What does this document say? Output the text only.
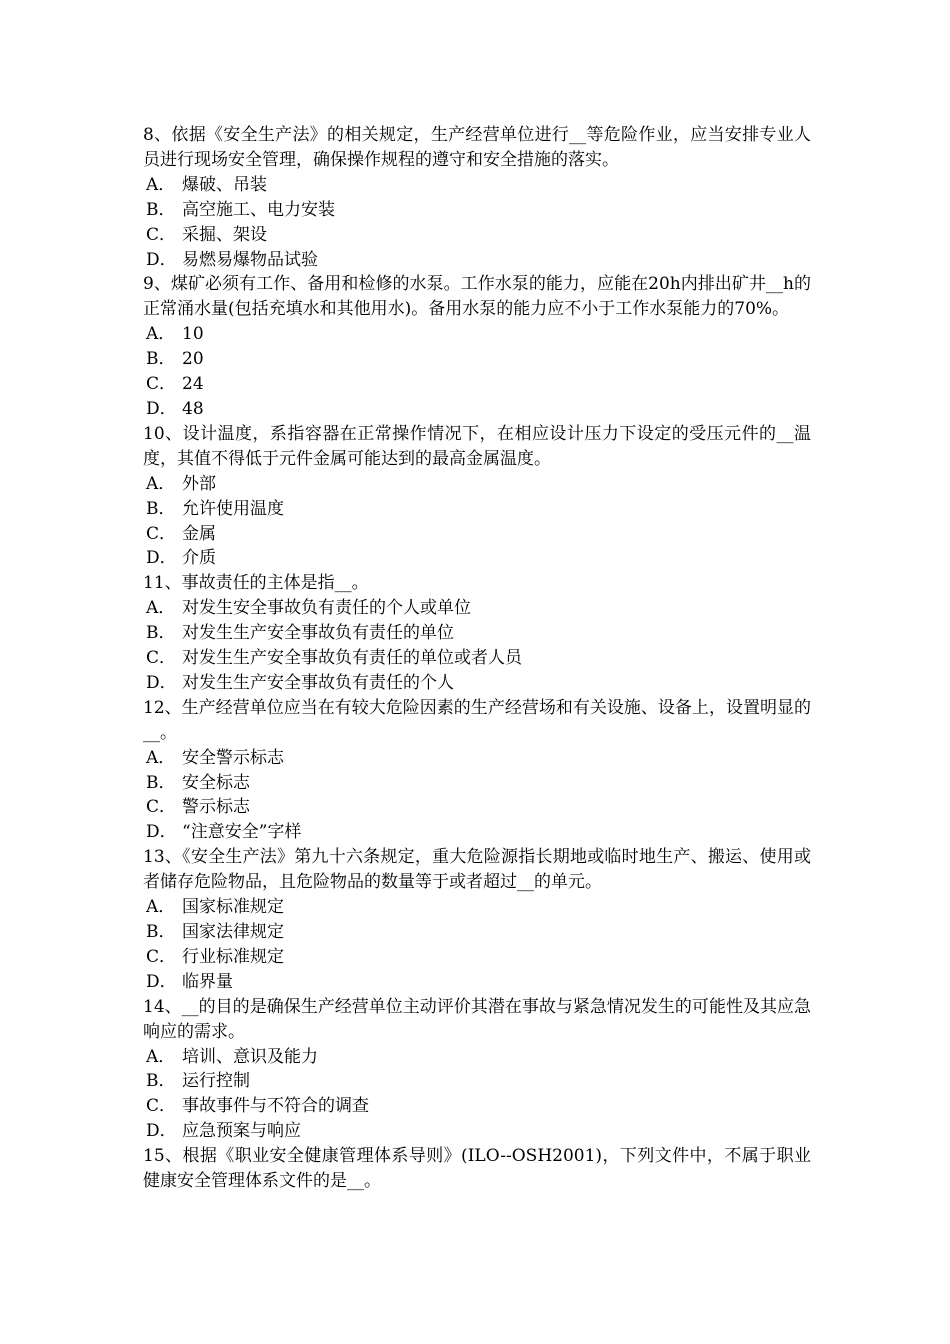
8、依据《安全生产法》的相关规定，生产经营单位进行__等危险作业，应当安排专业人员进行现场安全管理，确保操作规程的遵守和安全措施的落实。

A． 爆破、吊装
B． 高空施工、电力安装
C． 采掘、架设
D． 易燃易爆物品试验

9、煤矿必须有工作、备用和检修的水泵。工作水泵的能力，应能在20h内排出矿井__h的正常涌水量(包括充填水和其他用水)。备用水泵的能力应不小于工作水泵能力的70%。

A． 10
B． 20
C． 24
D． 48

10、设计温度，系指容器在正常操作情况下，在相应设计压力下设定的受压元件的__温度，其值不得低于元件金属可能达到的最高金属温度。

A． 外部
B． 允许使用温度
C． 金属
D． 介质

11、事故责任的主体是指__。

A． 对发生安全事故负有责任的个人或单位
B． 对发生生产安全事故负有责任的单位
C． 对发生生产安全事故负有责任的单位或者人员
D． 对发生生产安全事故负有责任的个人

12、生产经营单位应当在有较大危险因素的生产经营场和有关设施、设备上，设置明显的__。

A． 安全警示标志
B． 安全标志
C． 警示标志
D． “注意安全”字样

13、《安全生产法》第九十六条规定，重大危险源指长期地或临时地生产、搬运、使用或者储存危险物品，且危险物品的数量等于或者超过__的单元。

A． 国家标准规定
B． 国家法律规定
C． 行业标准规定
D． 临界量

14、__的目的是确保生产经营单位主动评价其潜在事故与紧急情况发生的可能性及其应急响应的需求。

A． 培训、意识及能力
B． 运行控制
C． 事故事件与不符合的调查
D． 应急预案与响应

15、根据《职业安全健康管理体系导则》(ILO--OSH2001)，下列文件中，不属于职业健康安全管理体系文件的是__。
